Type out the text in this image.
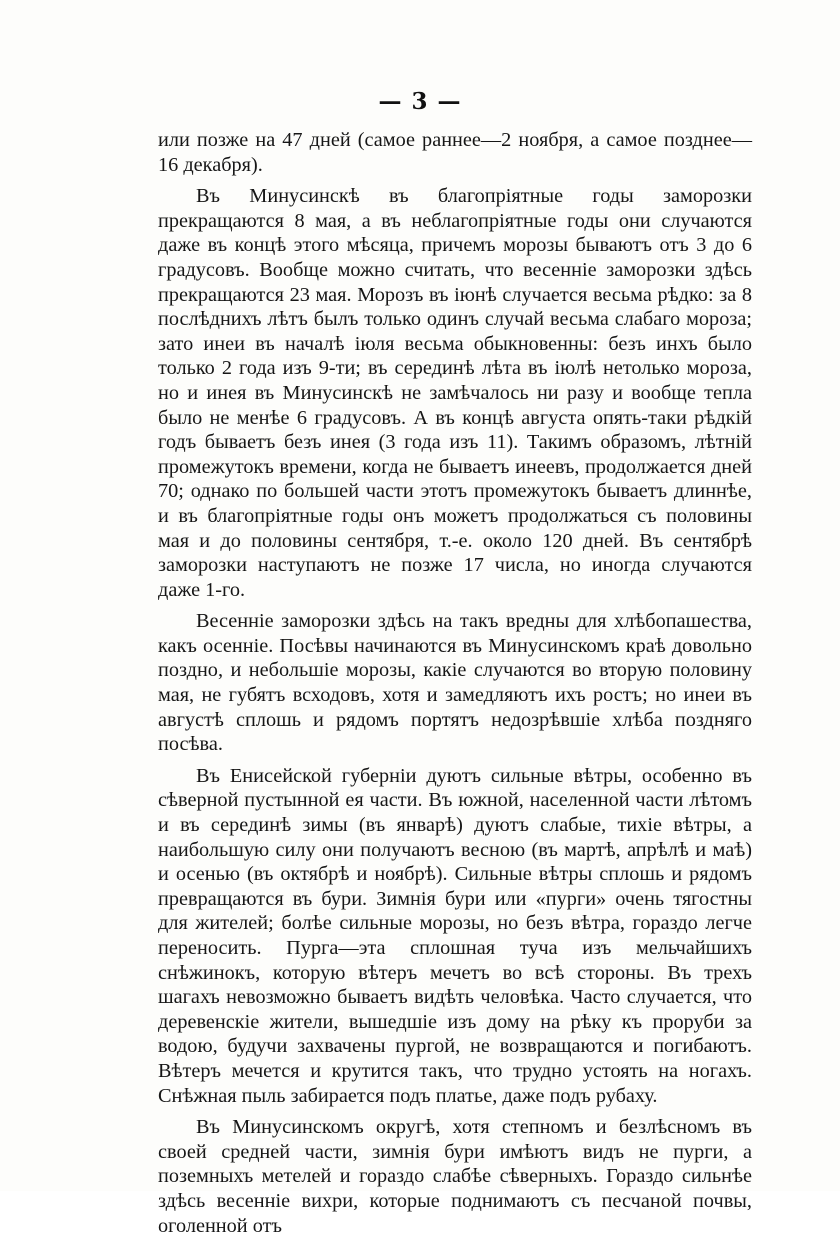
— 3 —

или позже на 47 дней (самое раннее—2 ноября, а самое позднее—16 декабря).

Въ Минусинскѣ въ благопріятные годы заморозки прекращаются 8 мая, а въ неблагопріятные годы они случаются даже въ концѣ этого мѣсяца, причемъ морозы бываютъ отъ 3 до 6 градусовъ. Вообще можно считать, что весенніе заморозки здѣсь прекращаются 23 мая. Морозъ въ іюнѣ случается весьма рѣдко: за 8 послѣднихъ лѣтъ былъ только одинъ случай весьма слабаго мороза; зато инеи въ началѣ іюля весьма обыкновенны: безъ инхъ было только 2 года изъ 9-ти; въ серединѣ лѣта въ іюлѣ нетолько мороза, но и инея въ Минусинскѣ не замѣчалось ни разу и вообще тепла было не менѣе 6 градусовъ. А въ концѣ августа опять-таки рѣдкій годъ бываетъ безъ инея (3 года изъ 11). Такимъ образомъ, лѣтній промежутокъ времени, когда не бываетъ инеевъ, продолжается дней 70; однако по большей части этотъ промежутокъ бываетъ длиннѣе, и въ благопріятные годы онъ можетъ продолжаться съ половины мая и до половины сентября, т.-е. около 120 дней. Въ сентябрѣ заморозки наступаютъ не позже 17 числа, но иногда случаются даже 1-го.

Весенніе заморозки здѣсь на такъ вредны для хлѣбопашества, какъ осеннiе. Посѣвы начинаются въ Минусинскомъ краѣ довольно поздно, и небольшіе морозы, какіе случаются во вторую половину мая, не губятъ всходовъ, хотя и замедляютъ ихъ ростъ; но инеи въ августѣ сплошь и рядомъ портятъ недозрѣвшіе хлѣба поздняго посѣва.

Въ Енисейской губерніи дуютъ сильные вѣтры, особенно въ сѣверной пустынной ея части. Въ южной, населенной части лѣтомъ и въ серединѣ зимы (въ январѣ) дуютъ слабые, тихіе вѣтры, а наибольшую силу они получаютъ весною (въ мартѣ, апрѣлѣ и маѣ) и осенью (въ октябрѣ и ноябрѣ). Сильные вѣтры сплошь и рядомъ превращаются въ бури. Зимнія бури или «пурги» очень тягостны для жителей; болѣе сильные морозы, но безъ вѣтра, гораздо легче переносить. Пурга—эта сплошная туча изъ мельчайшихъ снѣжинокъ, которую вѣтеръ мечетъ во всѣ стороны. Въ трехъ шагахъ невозможно бываетъ видѣть человѣка. Часто случается, что деревенскіе жители, вышедшіе изъ дому на рѣку къ проруби за водою, будучи захвачены пургой, не возвращаются и погибаютъ. Вѣтеръ мечется и крутится такъ, что трудно устоять на ногахъ. Снѣжная пыль забирается подъ платье, даже подъ рубаху.

Въ Минусинскомъ округѣ, хотя степномъ и безлѣсномъ въ своей средней части, зимнія бури имѣютъ видъ не пурги, а поземныхъ метелей и гораздо слабѣе сѣверныхъ. Гораздо сильнѣе здѣсь весенніе вихри, которые поднимаютъ съ песчаной почвы, оголенной отъ
